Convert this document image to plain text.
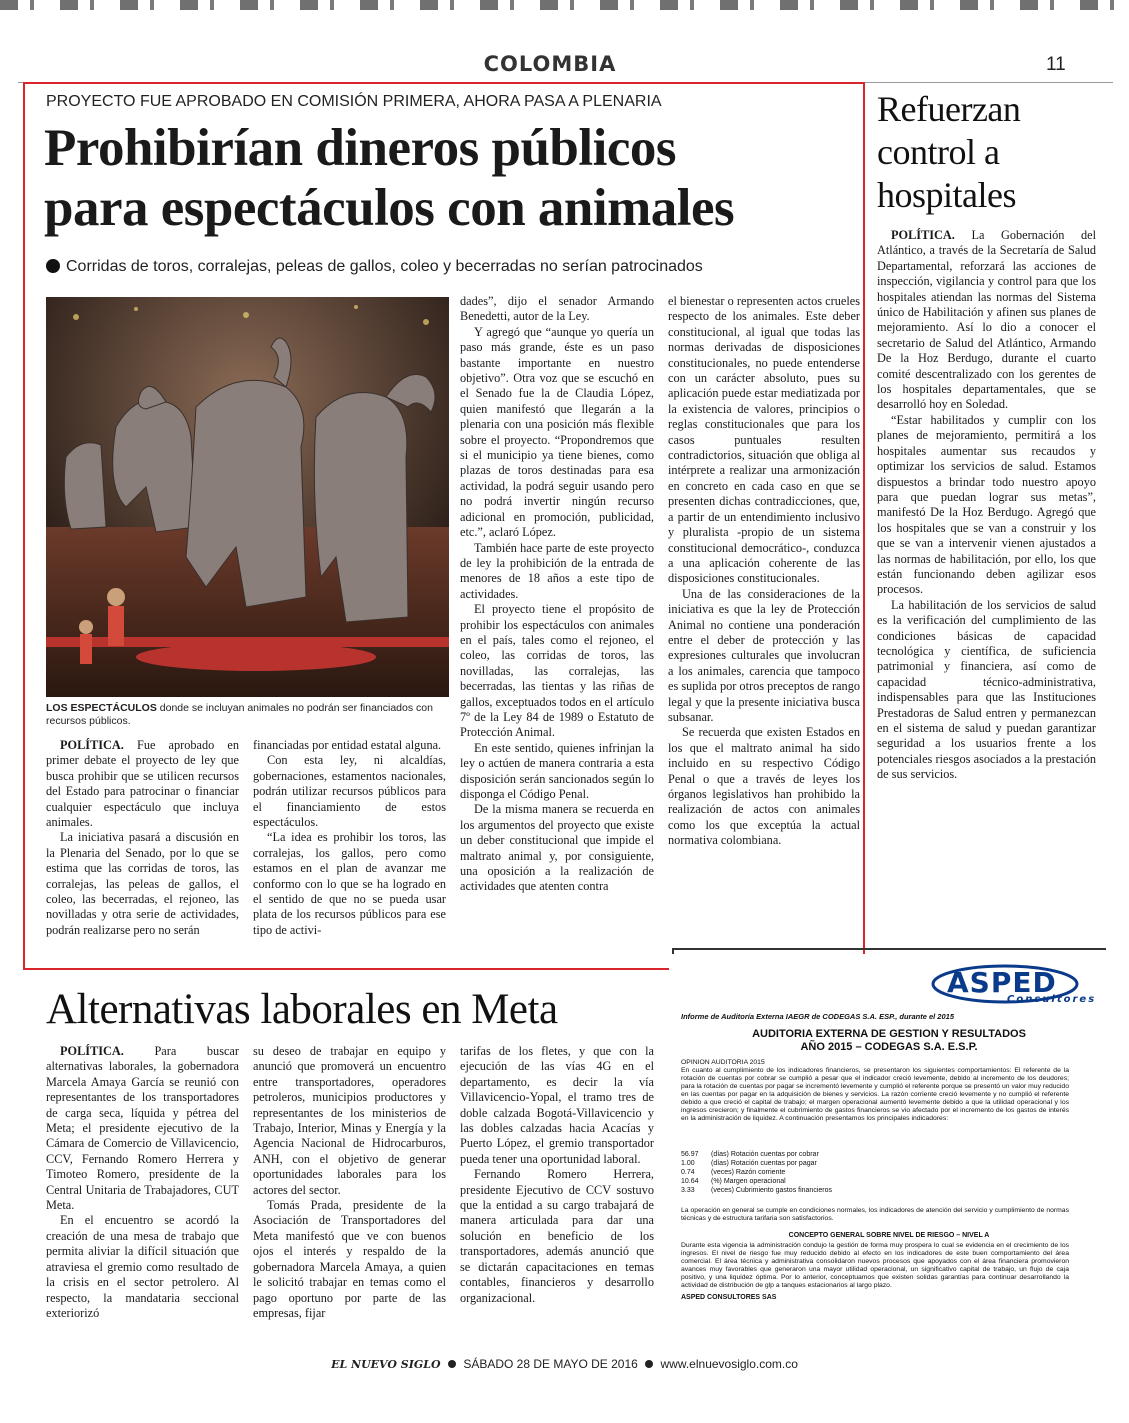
COLOMBIA	11
PROYECTO FUE APROBADO EN COMISIÓN PRIMERA, AHORA PASA A PLENARIA
Prohibirían dineros públicos
para espectáculos con animales
Corridas de toros, corralejas, peleas de gallos, coleo y becerradas no serían patrocinados
LOS ESPECTÁCULOS donde se incluyan animales no podrán ser financiados con recursos públicos.

POLÍTICA. Fue aprobado en primer debate el proyecto de ley que busca prohibir que se utilicen recursos del Estado para patrocinar o financiar cualquier espectáculo que incluya animales.

La iniciativa pasará a discusión en la Plenaria del Senado, por lo que se estima que las corridas de toros, las corralejas, las peleas de gallos, el coleo, las becerradas, el rejoneo, las novilladas y otra serie de actividades, podrán realizarse pero no serán

financiadas por entidad estatal alguna.

Con esta ley, ni alcaldías, gobernaciones, estamentos nacionales, podrán utilizar recursos públicos para el financiamiento de estos espectáculos.

“La idea es prohibir los toros, las corralejas, los gallos, pero como estamos en el plan de avanzar me conformo con lo que se ha logrado en el sentido de que no se pueda usar plata de los recursos públicos para ese tipo de activi-

dades”, dijo el senador Armando Benedetti, autor de la Ley.

Y agregó que “aunque yo quería un paso más grande, éste es un paso bastante importante en nuestro objetivo”. Otra voz que se escuchó en el Senado fue la de Claudia López, quien manifestó que llegarán a la plenaria con una posición más flexible sobre el proyecto. “Propondremos que si el municipio ya tiene bienes, como plazas de toros destinadas para esa actividad, la podrá seguir usando pero no podrá invertir ningún recurso adicional en promoción, publicidad, etc.”, aclaró López.

También hace parte de este proyecto de ley la prohibición de la entrada de menores de 18 años a este tipo de actividades.

El proyecto tiene el propósito de prohibir los espectáculos con animales en el país, tales como el rejoneo, el coleo, las corridas de toros, las novilladas, las corralejas, las becerradas, las tientas y las riñas de gallos, exceptuados todos en el artículo 7º de la Ley 84 de 1989 o Estatuto de Protección Animal.

En este sentido, quienes infrinjan la ley o actúen de manera contraria a esta disposición serán sancionados según lo disponga el Código Penal.

De la misma manera se recuerda en los argumentos del proyecto que existe un deber constitucional que impide el maltrato animal y, por consiguiente, una oposición a la realización de actividades que atenten contra

el bienestar o representen actos crueles respecto de los animales. Este deber constitucional, al igual que todas las normas derivadas de disposiciones constitucionales, no puede entenderse con un carácter absoluto, pues su aplicación puede estar mediatizada por la existencia de valores, principios o reglas constitucionales que para los casos puntuales resulten contradictorios, situación que obliga al intérprete a realizar una armonización en concreto en cada caso en que se presenten dichas contradicciones, que, a partir de un entendimiento inclusivo y pluralista -propio de un sistema constitucional democrático-, conduzca a una aplicación coherente de las disposiciones constitucionales.

Una de las consideraciones de la iniciativa es que la ley de Protección Animal no contiene una ponderación entre el deber de protección y las expresiones culturales que involucran a los animales, carencia que tampoco es suplida por otros preceptos de rango legal y que la presente iniciativa busca subsanar.

Se recuerda que existen Estados en los que el maltrato animal ha sido incluido en su respectivo Código Penal o que a través de leyes los órganos legislativos han prohibido la realización de actos con animales como los que exceptúa la actual normativa colombiana.

Refuerzan control a hospitales

POLÍTICA. La Gobernación del Atlántico, a través de la Secretaría de Salud Departamental, reforzará las acciones de inspección, vigilancia y control para que los hospitales atiendan las normas del Sistema único de Habilitación y afinen sus planes de mejoramiento. Así lo dio a conocer el secretario de Salud del Atlántico, Armando De la Hoz Berdugo, durante el cuarto comité descentralizado con los gerentes de los hospitales departamentales, que se desarrolló hoy en Soledad.

“Estar habilitados y cumplir con los planes de mejoramiento, permitirá a los hospitales aumentar sus recaudos y optimizar los servicios de salud. Estamos dispuestos a brindar todo nuestro apoyo para que puedan lograr sus metas”, manifestó De la Hoz Berdugo. Agregó que los hospitales que se van a construir y los que se van a intervenir vienen ajustados a las normas de habilitación, por ello, los que están funcionando deben agilizar esos procesos.

La habilitación de los servicios de salud es la verificación del cumplimiento de las condiciones básicas de capacidad tecnológica y científica, de suficiencia patrimonial y financiera, así como de capacidad técnico-administrativa, indispensables para que las Instituciones Prestadoras de Salud entren y permanezcan en el sistema de salud y puedan garantizar seguridad a los usuarios frente a los potenciales riesgos asociados a la prestación de sus servicios.

Alternativas laborales en Meta

POLÍTICA. Para buscar alternativas laborales, la gobernadora Marcela Amaya García se reunió con representantes de los transportadores de carga seca, líquida y pétrea del Meta; el presidente ejecutivo de la Cámara de Comercio de Villavicencio, CCV, Fernando Romero Herrera y Timoteo Romero, presidente de la Central Unitaria de Trabajadores, CUT Meta.

En el encuentro se acordó la creación de una mesa de trabajo que permita aliviar la difícil situación que atraviesa el gremio como resultado de la crisis en el sector petrolero. Al respecto, la mandataria seccional exteriorizó

su deseo de trabajar en equipo y anunció que promoverá un encuentro entre transportadores, operadores petroleros, municipios productores y representantes de los ministerios de Trabajo, Interior, Minas y Energía y la Agencia Nacional de Hidrocarburos, ANH, con el objetivo de generar oportunidades laborales para los actores del sector.

Tomás Prada, presidente de la Asociación de Transportadores del Meta manifestó que ve con buenos ojos el interés y respaldo de la gobernadora Marcela Amaya, a quien le solicitó trabajar en temas como el pago oportuno por parte de las empresas, fijar

tarifas de los fletes, y que con la ejecución de las vías 4G en el departamento, es decir la vía Villavicencio-Yopal, el tramo tres de doble calzada Bogotá-Villavicencio y las dobles calzadas hacia Acacías y Puerto López, el gremio transportador pueda tener una oportunidad laboral.

Fernando Romero Herrera, presidente Ejecutivo de CCV sostuvo que la entidad a su cargo trabajará de manera articulada para dar una solución en beneficio de los transportadores, además anunció que se dictarán capacitaciones en temas contables, financieros y desarrollo organizacional.

ASPED
Consultores
Informe de Auditoría Externa IAEGR de CODEGAS S.A. ESP., durante el 2015
AUDITORIA EXTERNA DE GESTION Y RESULTADOS
AÑO 2015 – CODEGAS S.A. E.S.P.
OPINION AUDITORIA 2015
En cuanto al cumplimiento de los indicadores financieros, se presentaron los siguientes comportamientos: El referente de la rotación de cuentas por cobrar se cumplió a pesar que el indicador creció levemente, debido al incremento de los deudores; para la rotación de cuentas por pagar se incrementó levemente y cumplió el referente porque se presentó un valor muy reducido en las cuentas por pagar en la adquisición de bienes y servicios. La razón corriente creció levemente y no cumplió el referente debido a que creció el capital de trabajo; el margen operacional aumentó levemente debido a que la utilidad operacional y los ingresos crecieron; y finalmente el cubrimiento de gastos financieros se vio afectado por el incremento de los gastos de interés en la administración de liquidez. A continuación presentamos los principales indicadores:
56.97 (días) Rotación cuentas por cobrar
1.00 (días) Rotación cuentas por pagar
0.74 (veces) Razón corriente
10.64 (%) Margen operacional
3.33 (veces) Cubrimiento gastos financieros
La operación en general se cumple en condiciones normales, los indicadores de atención del servicio y cumplimiento de normas técnicas y de estructura tarifaria son satisfactorios.
CONCEPTO GENERAL SOBRE NIVEL DE RIESGO – NIVEL A
Durante esta vigencia la administración condujo la gestión de forma muy prospera lo cual se evidencia en el crecimiento de los ingresos. El nivel de riesgo fue muy reducido debido al efecto en los indicadores de este buen comportamiento del área comercial. El área técnica y administrativa consolidaron nuevos procesos que apoyados con el área financiera promovieron avances muy favorables que generaron una mayor utilidad operacional, un significativo capital de trabajo, un flujo de caja positivo, y una liquidez óptima. Por lo anterior, conceptuamos que existen solidas garantías para continuar desarrollando la actividad de distribución de glp a tanques estacionarios al largo plazo.
ASPED CONSULTORES SAS
EL NUEVO SIGLO SÁBADO 28 DE MAYO DE 2016 www.elnuevosiglo.com.co
